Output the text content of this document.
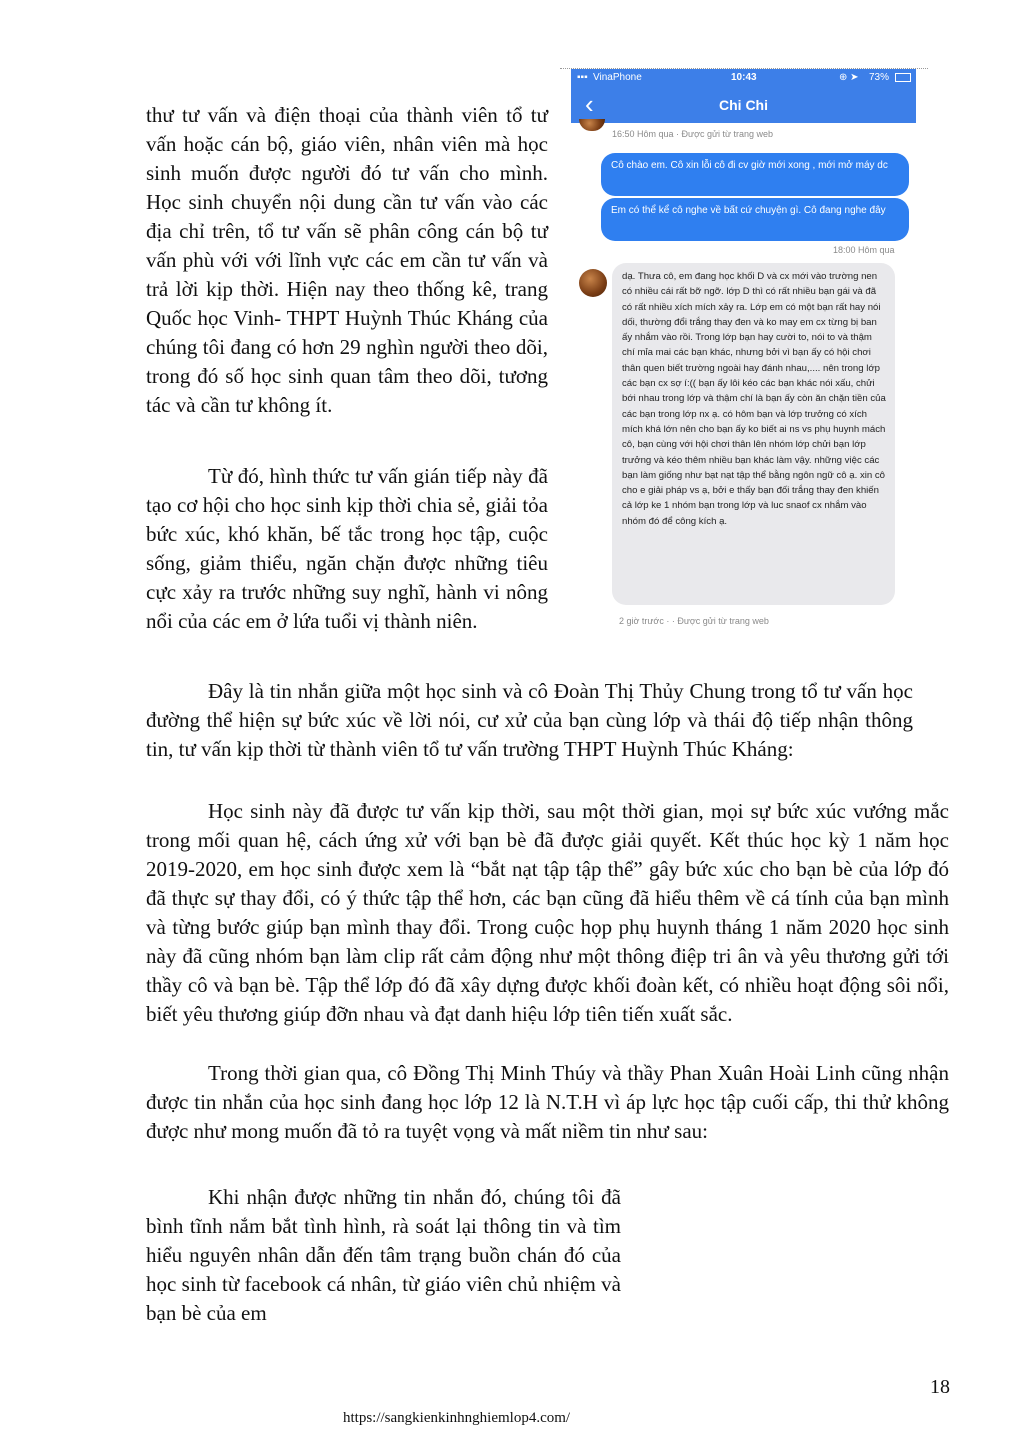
thư tư vấn và điện thoại của thành viên tổ tư vấn hoặc cán bộ, giáo viên, nhân viên mà học sinh muốn được người đó tư vấn cho mình. Học sinh chuyển nội dung cần tư vấn vào các địa chỉ trên, tổ tư vấn sẽ phân công cán bộ tư vấn phù với với lĩnh vực các em cần tư vấn và trả lời kịp thời. Hiện nay theo thống kê, trang Quốc học Vinh- THPT Huỳnh Thúc Kháng của chúng tôi đang có hơn 29 nghìn người theo dõi, trong đó số học sinh quan tâm theo dõi, tương tác và cần tư không ít.

Từ đó, hình thức tư vấn gián tiếp này đã tạo cơ hội cho học sinh kịp thời chia sẻ, giải tỏa bức xúc, khó khăn, bế tắc trong học tập, cuộc sống, giảm thiểu, ngăn chặn được những tiêu cực xảy ra trước những suy nghĩ, hành vi nông nổi của các em ở lứa tuổi vị thành niên.

Đây là tin nhắn giữa một học sinh và cô Đoàn Thị Thủy Chung trong tổ tư vấn học đường thể hiện sự bức xúc về lời nói, cư xử của bạn cùng lớp và thái độ tiếp nhận thông tin, tư vấn kịp thời từ thành viên tổ tư vấn trường THPT Huỳnh Thúc Kháng:

Học sinh này đã được tư vấn kịp thời, sau một thời gian, mọi sự bức xúc vướng mắc trong mối quan hệ, cách ứng xử với bạn bè đã được giải quyết. Kết thúc học kỳ 1 năm học 2019-2020, em học sinh được xem là “bắt nạt tập tập thể” gây bức xúc cho bạn bè của lớp đó đã thực sự thay đổi, có ý thức tập thể hơn, các bạn cũng đã hiểu thêm về cá tính của bạn mình và từng bước giúp bạn mình thay đổi. Trong cuộc họp phụ huynh tháng 1 năm 2020 học sinh này đã cũng nhóm bạn làm clip rất cảm động như một thông điệp tri ân và yêu thương gửi tới thầy cô và bạn bè. Tập thể lớp đó đã xây dựng được khối đoàn kết, có nhiều hoạt động sôi nổi, biết yêu thương giúp đỡn nhau và đạt danh hiệu lớp tiên tiến xuất sắc.

Trong thời gian qua, cô Đồng Thị Minh Thúy và thầy Phan Xuân Hoài Linh cũng nhận được tin nhắn của học sinh đang học lớp 12 là N.T.H vì áp lực học tập cuối cấp, thi thử không được như mong muốn đã tỏ ra tuyệt vọng và mất niềm tin như sau:

Khi nhận được những tin nhắn đó, chúng tôi đã bình tĩnh nắm bắt tình hình, rà soát lại thông tin và tìm hiểu nguyên nhân dẫn đến tâm trạng buồn chán đó của học sinh từ facebook cá nhân, từ giáo viên chủ nhiệm và bạn bè của em

▪▪▪ VinaPhone	10:43	⊕ ➤ 73%
‹	Chi Chi
16:50 Hôm qua · Được gửi từ trang web
Cô chào em. Cô xin lỗi cô đi cv giờ mới xong , mới mở máy dc
Em có thể kể cô nghe về bất cứ chuyện gì. Cô đang nghe đây
18:00 Hôm qua
dạ. Thưa cô, em đang học khối D và cx mới vào trường nen có nhiều cái rất bỡ ngỡ. lớp D thì có rất nhiều bạn gái và đã có rất nhiều xích mích xảy ra. Lớp em có một bạn rất hay nói dối, thường đổi trắng thay đen và ko may em cx từng bị ban ấy nhắm vào rồi. Trong lớp bạn hay cười to, nói to và thậm chí mỉa mai các bạn khác, nhưng bởi vì bạn ấy có hội chơi thân quen biết trường ngoài hay đánh nhau,.... nên trong lớp các bạn cx sợ í:(( bạn ấy lôi kéo các bạn khác nói xấu, chửi bới nhau trong lớp và thậm chí là bạn ấy còn ăn chặn tiền của các bạn trong lớp nx ạ. có hôm bạn và lớp trưởng có xích mích khá lớn nên cho bạn ấy ko biết ai ns vs phụ huynh mách cô, bạn cùng với hội chơi thân lên nhóm lớp chửi bạn lớp trưởng và kéo thêm nhiều bạn khác làm vậy. những việc các bạn làm giống như bạt nạt tập thể bằng ngôn ngữ cô ạ. xin cô cho e giải pháp vs ạ, bởi e thấy bạn đối trắng thay đen khiến cả lớp ke 1 nhóm bạn trong lớp và luc snaof cx nhắm vào nhóm đó để công kích ạ.
2 giờ trước · · Được gửi từ trang web
18
https://sangkienkinhnghiemlop4.com/
